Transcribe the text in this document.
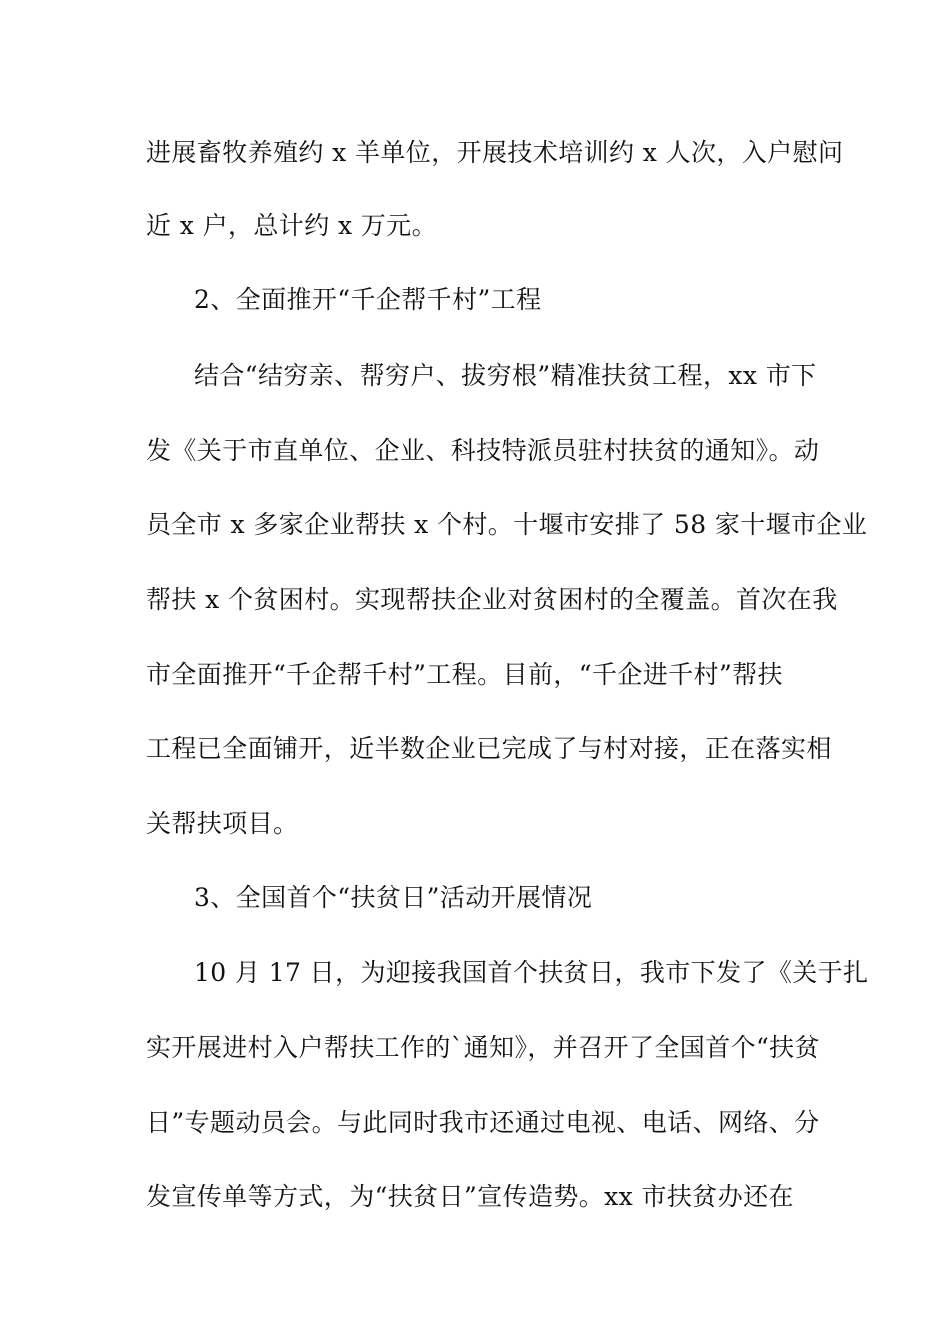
进展畜牧养殖约 x 羊单位，开展技术培训约 x 人次，入户慰问
近 x 户，总计约 x 万元。
2、全面推开“千企帮千村”工程
结合“结穷亲、帮穷户、拔穷根”精准扶贫工程，xx 市下
发《关于市直单位、企业、科技特派员驻村扶贫的通知》。动
员全市 x 多家企业帮扶 x 个村。十堰市安排了 58 家十堰市企业
帮扶 x 个贫困村。实现帮扶企业对贫困村的全覆盖。首次在我
市全面推开“千企帮千村”工程。目前，“千企进千村”帮扶
工程已全面铺开，近半数企业已完成了与村对接，正在落实相
关帮扶项目。
3、全国首个“扶贫日”活动开展情况
10 月 17 日，为迎接我国首个扶贫日，我市下发了《关于扎
实开展进村入户帮扶工作的`通知》，并召开了全国首个“扶贫
日”专题动员会。与此同时我市还通过电视、电话、网络、分
发宣传单等方式，为“扶贫日”宣传造势。xx 市扶贫办还在
